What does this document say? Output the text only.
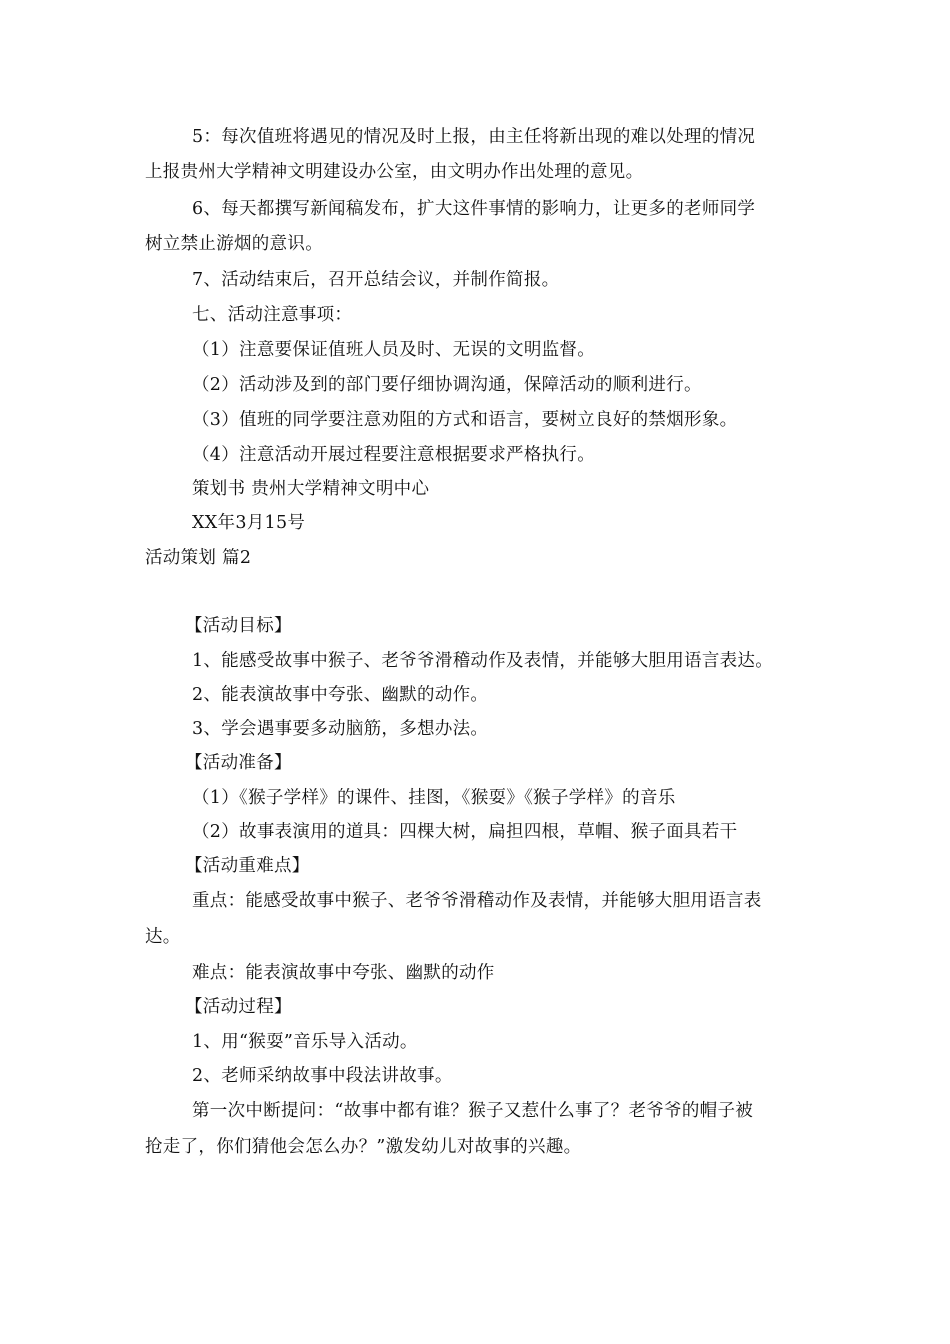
5：每次值班将遇见的情况及时上报，由主任将新出现的难以处理的情况
上报贵州大学精神文明建设办公室，由文明办作出处理的意见。
6、每天都撰写新闻稿发布，扩大这件事情的影响力，让更多的老师同学
树立禁止游烟的意识。
7、活动结束后，召开总结会议，并制作简报。
七、活动注意事项：
（1）注意要保证值班人员及时、无误的文明监督。
（2）活动涉及到的部门要仔细协调沟通，保障活动的顺利进行。
（3）值班的同学要注意劝阻的方式和语言，要树立良好的禁烟形象。
（4）注意活动开展过程要注意根据要求严格执行。
策划书 贵州大学精神文明中心
XX年3月15号
活动策划 篇2
【活动目标】
1、能感受故事中猴子、老爷爷滑稽动作及表情，并能够大胆用语言表达。
2、能表演故事中夸张、幽默的动作。
3、学会遇事要多动脑筋，多想办法。
【活动准备】
（1）《猴子学样》的课件、挂图，《猴耍》《猴子学样》的音乐
（2）故事表演用的道具：四棵大树，扁担四根，草帽、猴子面具若干
【活动重难点】
重点：能感受故事中猴子、老爷爷滑稽动作及表情，并能够大胆用语言表
达。
难点：能表演故事中夸张、幽默的动作
【活动过程】
1、用“猴耍”音乐导入活动。
2、老师采纳故事中段法讲故事。
第一次中断提问：“故事中都有谁？猴子又惹什么事了？老爷爷的帽子被
抢走了，你们猜他会怎么办？”激发幼儿对故事的兴趣。
